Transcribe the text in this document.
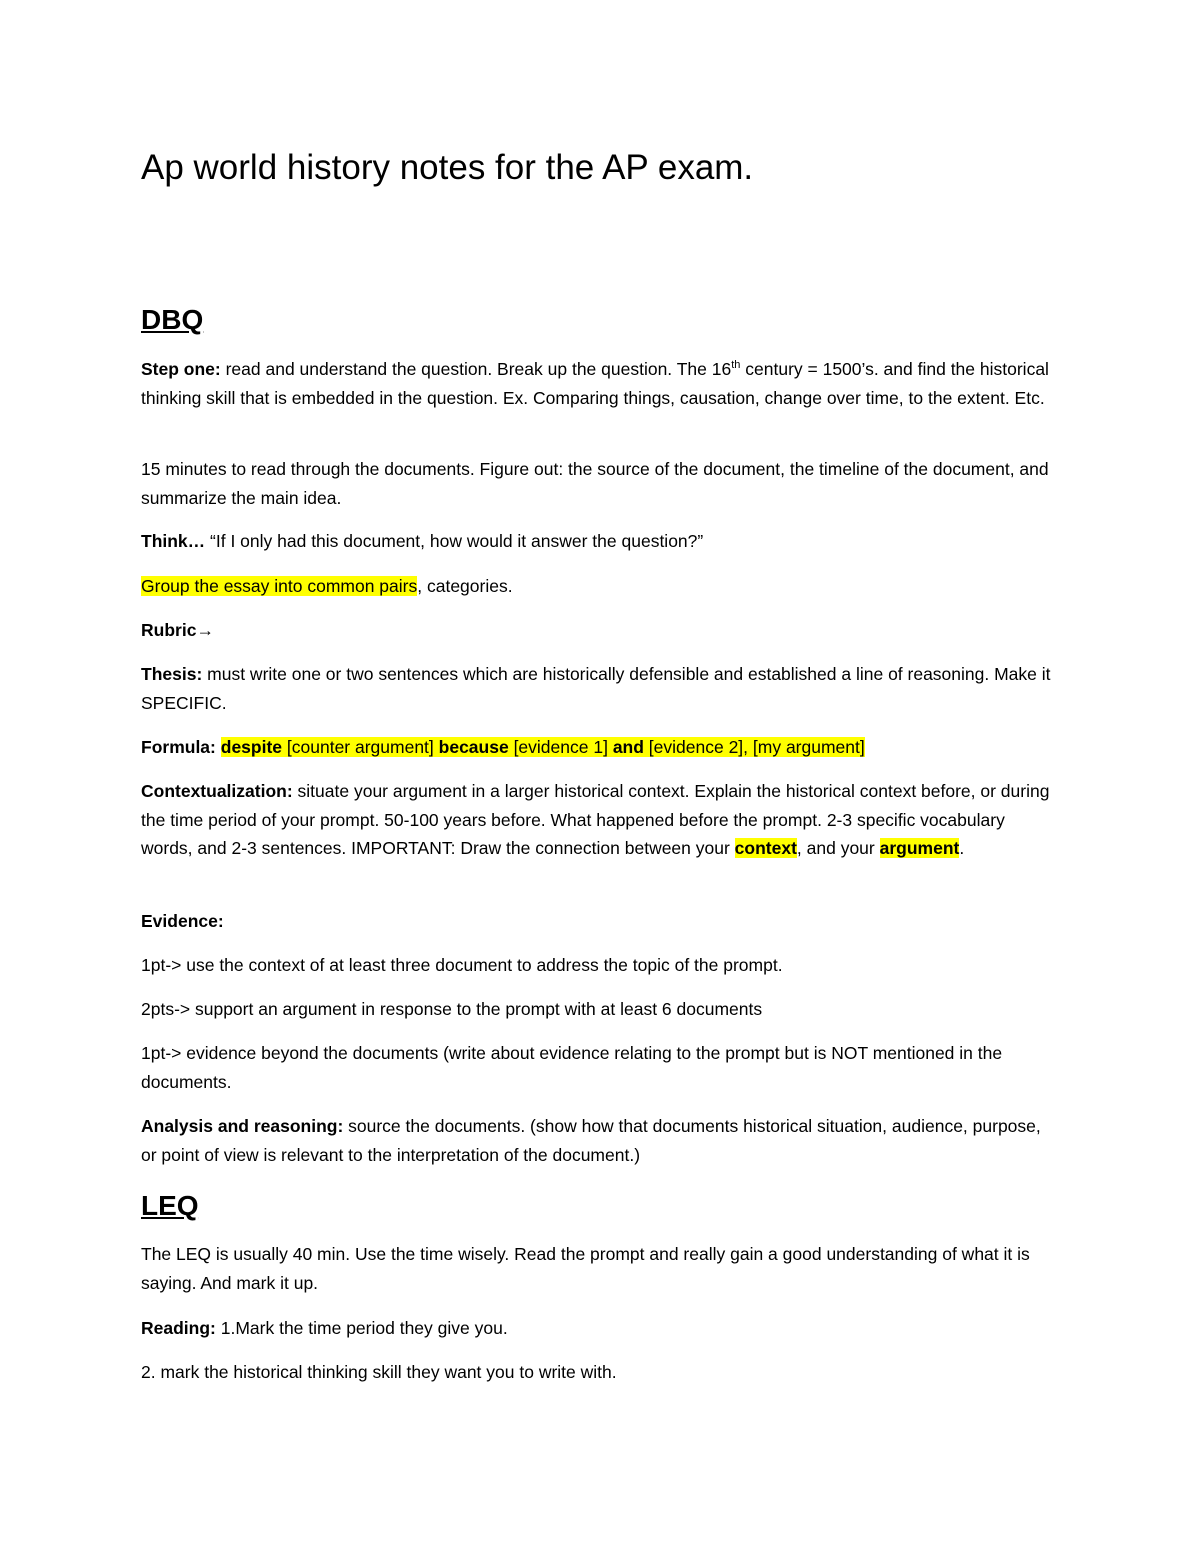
Ap world history notes for the AP exam.
DBQ

Step one: read and understand the question. Break up the question. The 16th century = 1500’s. and find the historical thinking skill that is embedded in the question. Ex. Comparing things, causation, change over time, to the extent. Etc.

15 minutes to read through the documents. Figure out: the source of the document, the timeline of the document, and summarize the main idea.

Think… “If I only had this document, how would it answer the question?”

Group the essay into common pairs, categories.

Rubric→

Thesis: must write one or two sentences which are historically defensible and established a line of reasoning. Make it SPECIFIC.

Formula: despite [counter argument] because [evidence 1] and [evidence 2], [my argument]

Contextualization: situate your argument in a larger historical context. Explain the historical context before, or during the time period of your prompt. 50-100 years before. What happened before the prompt. 2-3 specific vocabulary words, and 2-3 sentences. IMPORTANT: Draw the connection between your context, and your argument.

Evidence:

1pt-> use the context of at least three document to address the topic of the prompt.

2pts-> support an argument in response to the prompt with at least 6 documents

1pt-> evidence beyond the documents (write about evidence relating to the prompt but is NOT mentioned in the documents.

Analysis and reasoning: source the documents. (show how that documents historical situation, audience, purpose, or point of view is relevant to the interpretation of the document.)

LEQ

The LEQ is usually 40 min. Use the time wisely. Read the prompt and really gain a good understanding of what it is saying. And mark it up.

Reading: 1.Mark the time period they give you.

2. mark the historical thinking skill they want you to write with.
